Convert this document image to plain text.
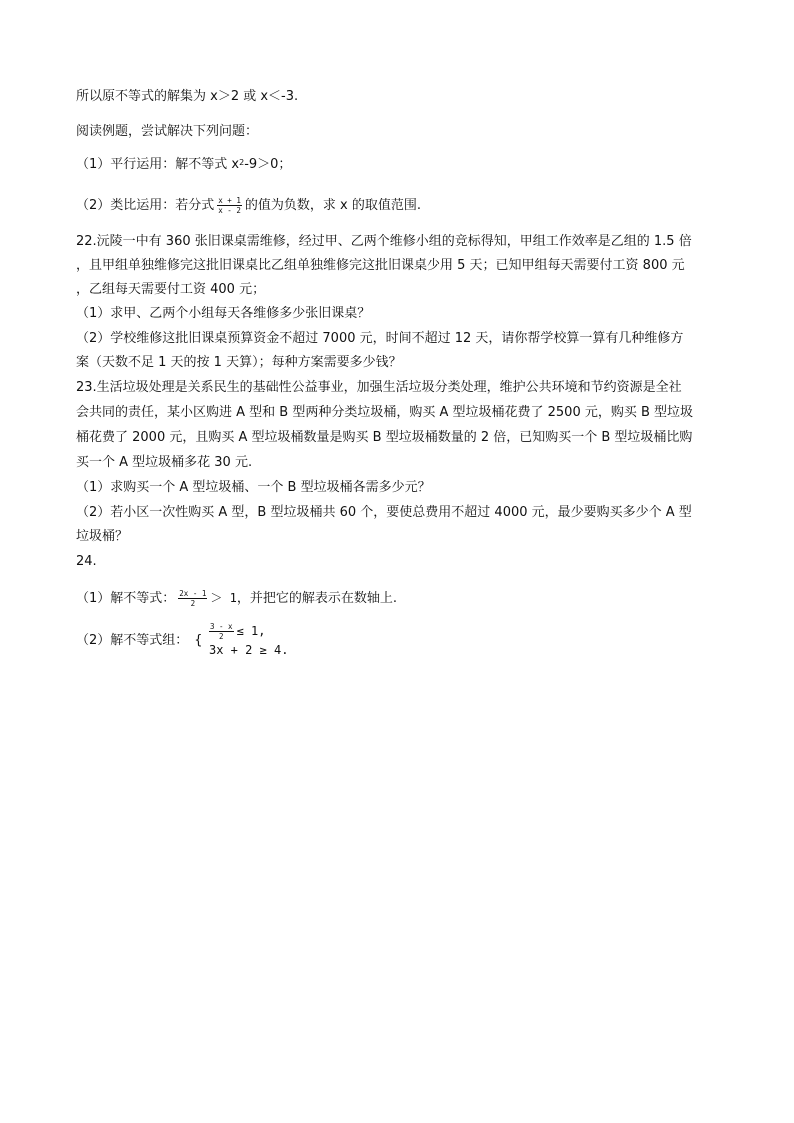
所以原不等式的解集为 x＞2 或 x＜-3.
阅读例题，尝试解决下列问题：
（1）平行运用：解不等式 $x^2-9>0$；
（2）类比运用：若分式 $\frac{x + 1}{x - 2}$ 的值为负数，求 x 的取值范围.
22.沅陵一中有 360 张旧课桌需维修，经过甲、乙两个维修小组的竞标得知，甲组工作效率是乙组的 1.5 倍
，且甲组单独维修完这批旧课桌比乙组单独维修完这批旧课桌少用 5 天；已知甲组每天需要付工资 800 元
，乙组每天需要付工资 400 元；
（1）求甲、乙两个小组每天各维修多少张旧课桌？
（2）学校维修这批旧课桌预算资金不超过 7000 元，时间不超过 12 天，请你帮学校算一算有几种维修方
案（天数不足 1 天的按 1 天算）；每种方案需要多少钱？
23.生活垃圾处理是关系民生的基础性公益事业，加强生活垃圾分类处理，维护公共环境和节约资源是全社
会共同的责任，某小区购进 A 型和 B 型两种分类垃圾桶，购买 A 型垃圾桶花费了 2500 元，购买 B 型垃圾
桶花费了 2000 元，且购买 A 型垃圾桶数量是购买 B 型垃圾桶数量的 2 倍，已知购买一个 B 型垃圾桶比购
买一个 A 型垃圾桶多花 30 元.
（1）求购买一个 A 型垃圾桶、一个 B 型垃圾桶各需多少元？
（2）若小区一次性购买 A 型，B 型垃圾桶共 60 个，要使总费用不超过 4000 元，最少要购买多少个 A 型
垃圾桶？
24.
（1）解不等式： $\frac{2x - 1}{2} > 1$，并把它的解表示在数轴上.
（2）解不等式组： { $\frac{3 - x}{2} \le 1$,
3x + 2 ≥ 4.
